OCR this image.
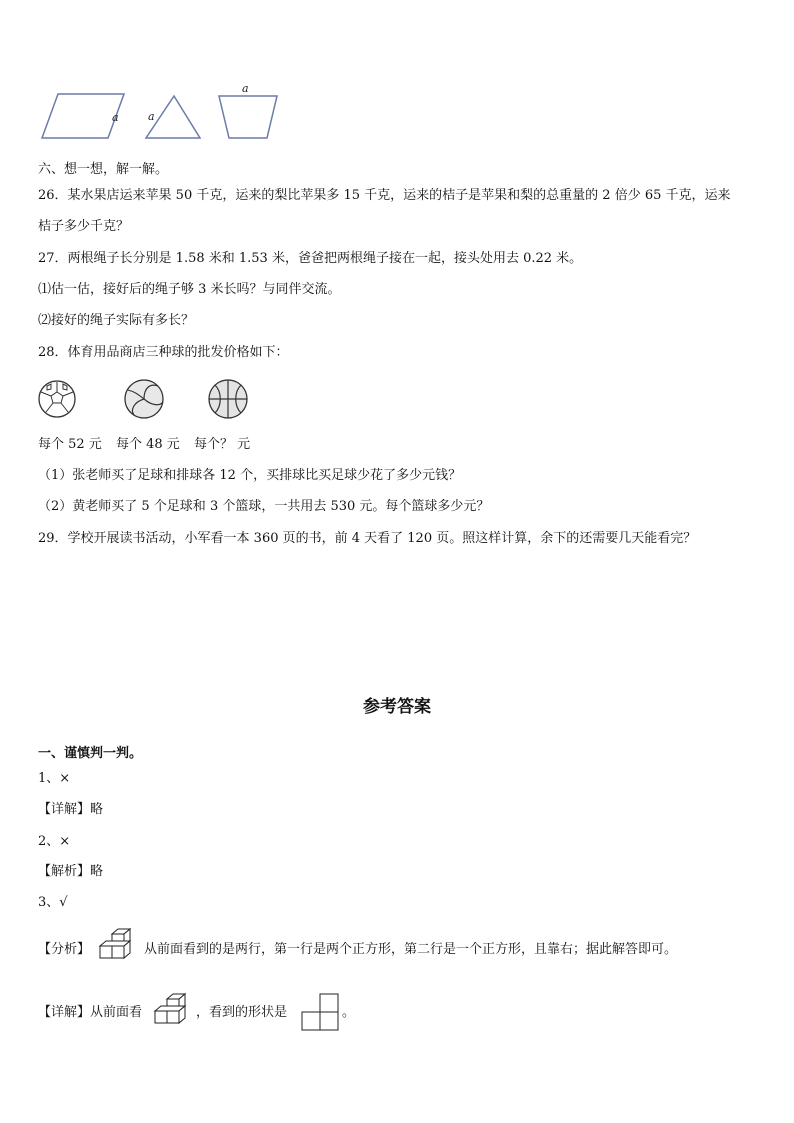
a	a
a
六、想一想，解一解。
26．某水果店运来苹果 50 千克，运来的梨比苹果多 15 千克，运来的桔子是苹果和梨的总重量的 2 倍少 65 千克，运来
桔子多少千克？
27．两根绳子长分别是 1.58 米和 1.53 米，爸爸把两根绳子接在一起，接头处用去 0.22 米。
⑴估一估，接好后的绳子够 3 米长吗？与同伴交流。
⑵接好的绳子实际有多长？
28．体育用品商店三种球的批发价格如下：
每个 52 元 每个 48 元 每个？ 元
（1）张老师买了足球和排球各 12 个，买排球比买足球少花了多少元钱？
（2）黄老师买了 5 个足球和 3 个篮球，一共用去 530 元。每个篮球多少元？
29．学校开展读书活动，小军看一本 360 页的书，前 4 天看了 120 页。照这样计算，余下的还需要几天能看完？
参考答案
一、谨慎判一判。
1、×
【详解】略
2、×
【解析】略
3、√
【分析】	从前面看到的是两行，第一行是两个正方形，第二行是一个正方形，且靠右；据此解答即可。
【详解】从前面看	，看到的形状是	。
